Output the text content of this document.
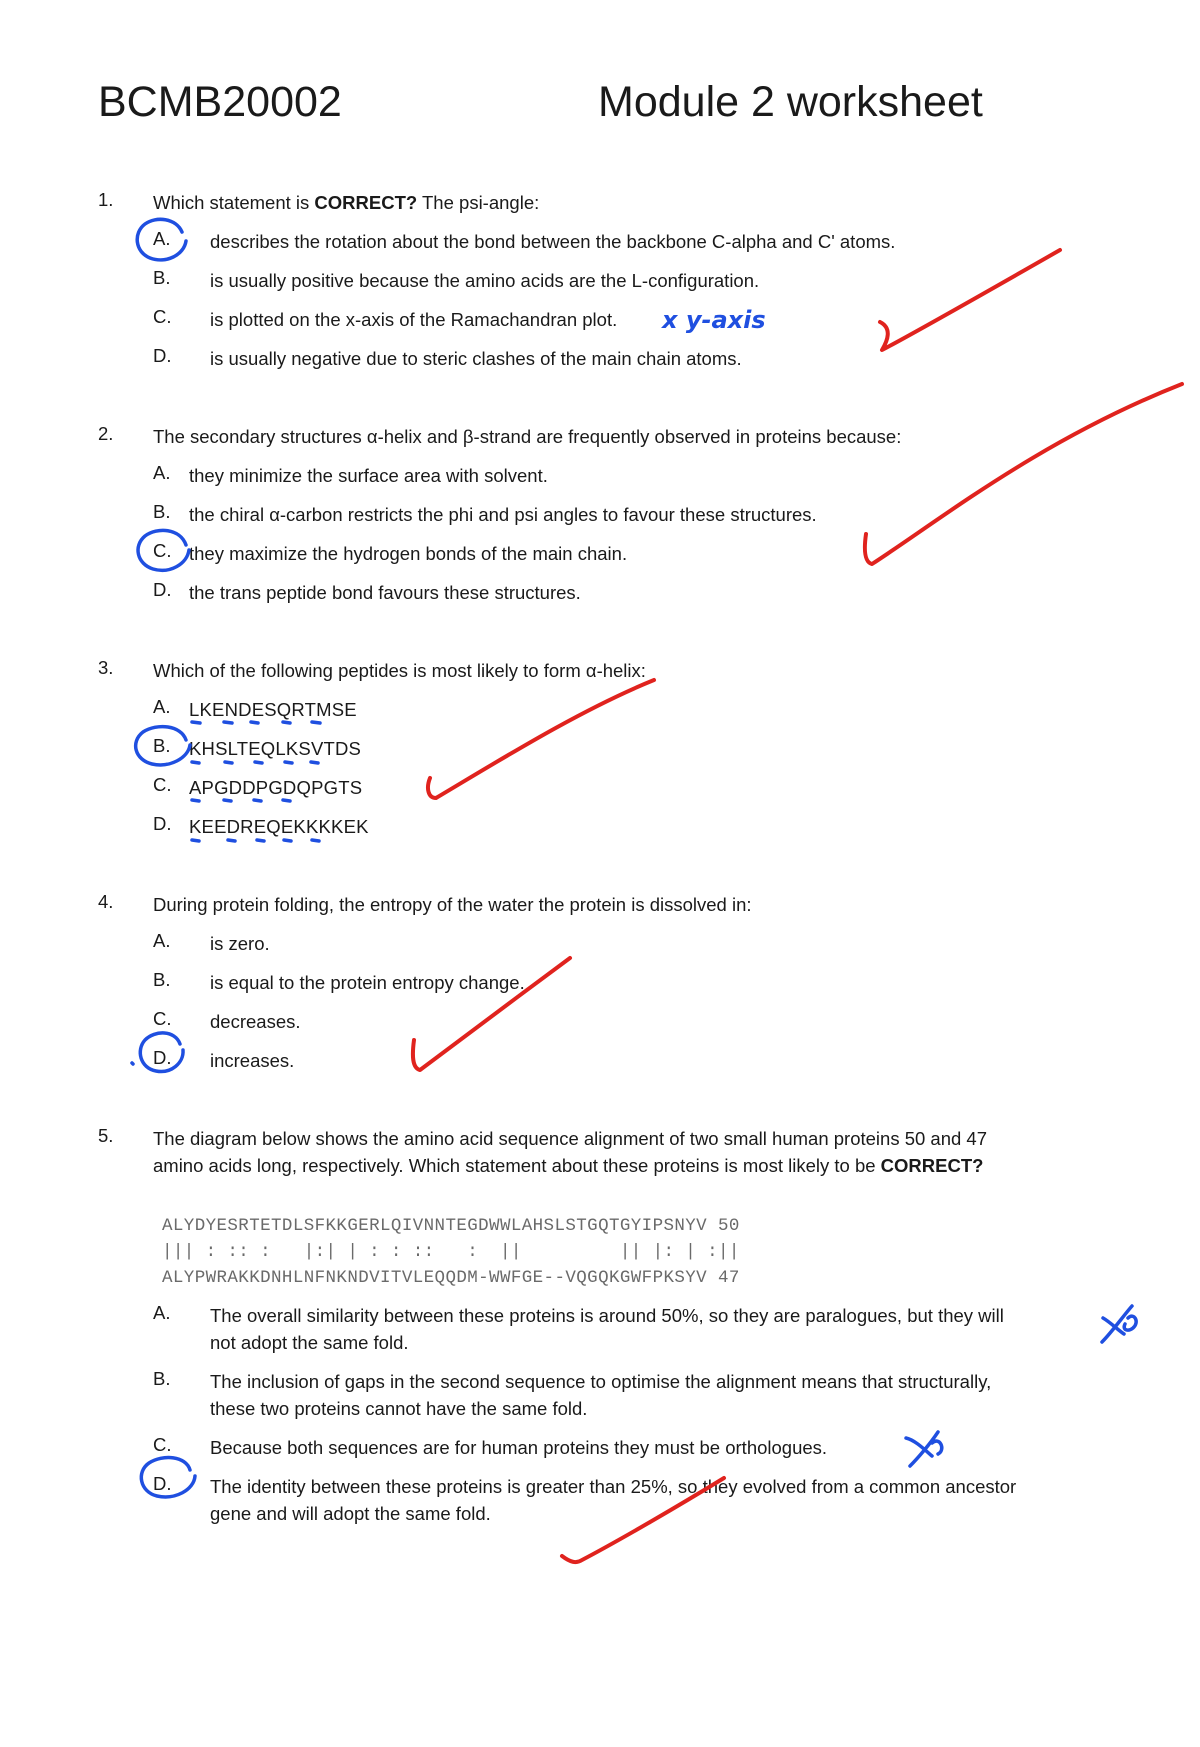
BCMB20002	Module 2 worksheet
1. Which statement is CORRECT? The psi-angle:
A. describes the rotation about the bond between the backbone C-alpha and C' atoms.
B. is usually positive because the amino acids are the L-configuration.
C. is plotted on the x-axis of the Ramachandran plot.
D. is usually negative due to steric clashes of the main chain atoms.
2. The secondary structures α-helix and β-strand are frequently observed in proteins because:
A. they minimize the surface area with solvent.
B. the chiral α-carbon restricts the phi and psi angles to favour these structures.
C. they maximize the hydrogen bonds of the main chain.
D. the trans peptide bond favours these structures.
3. Which of the following peptides is most likely to form α-helix:
A. LKENDESQRTMSE
B. KHSLTEQLKSVTDS
C. APGDDPGDQPGTS
D. KEEDREQEKKKKEK
4. During protein folding, the entropy of the water the protein is dissolved in:
A. is zero.
B. is equal to the protein entropy change.
C. decreases.
D. increases.
5. The diagram below shows the amino acid sequence alignment of two small human proteins 50 and 47
amino acids long, respectively. Which statement about these proteins is most likely to be CORRECT?
ALYDYESRTETDLSFKKGERLQIVNNTEGDWWLAHSLSTGQTGYIPSNYV 50
||| : :: :   |:| | : : ::   :  ||         || |: | :||
ALYPWRAKKDNHLNFNKNDVITVLEQQDM-WWFGE--VQGQKGWFPKSYV 47
A. The overall similarity between these proteins is around 50%, so they are paralogues, but they will
not adopt the same fold.
B. The inclusion of gaps in the second sequence to optimise the alignment means that structurally,
these two proteins cannot have the same fold.
C. Because both sequences are for human proteins they must be orthologues.
D. The identity between these proteins is greater than 25%, so they evolved from a common ancestor
gene and will adopt the same fold.
x y-axis
